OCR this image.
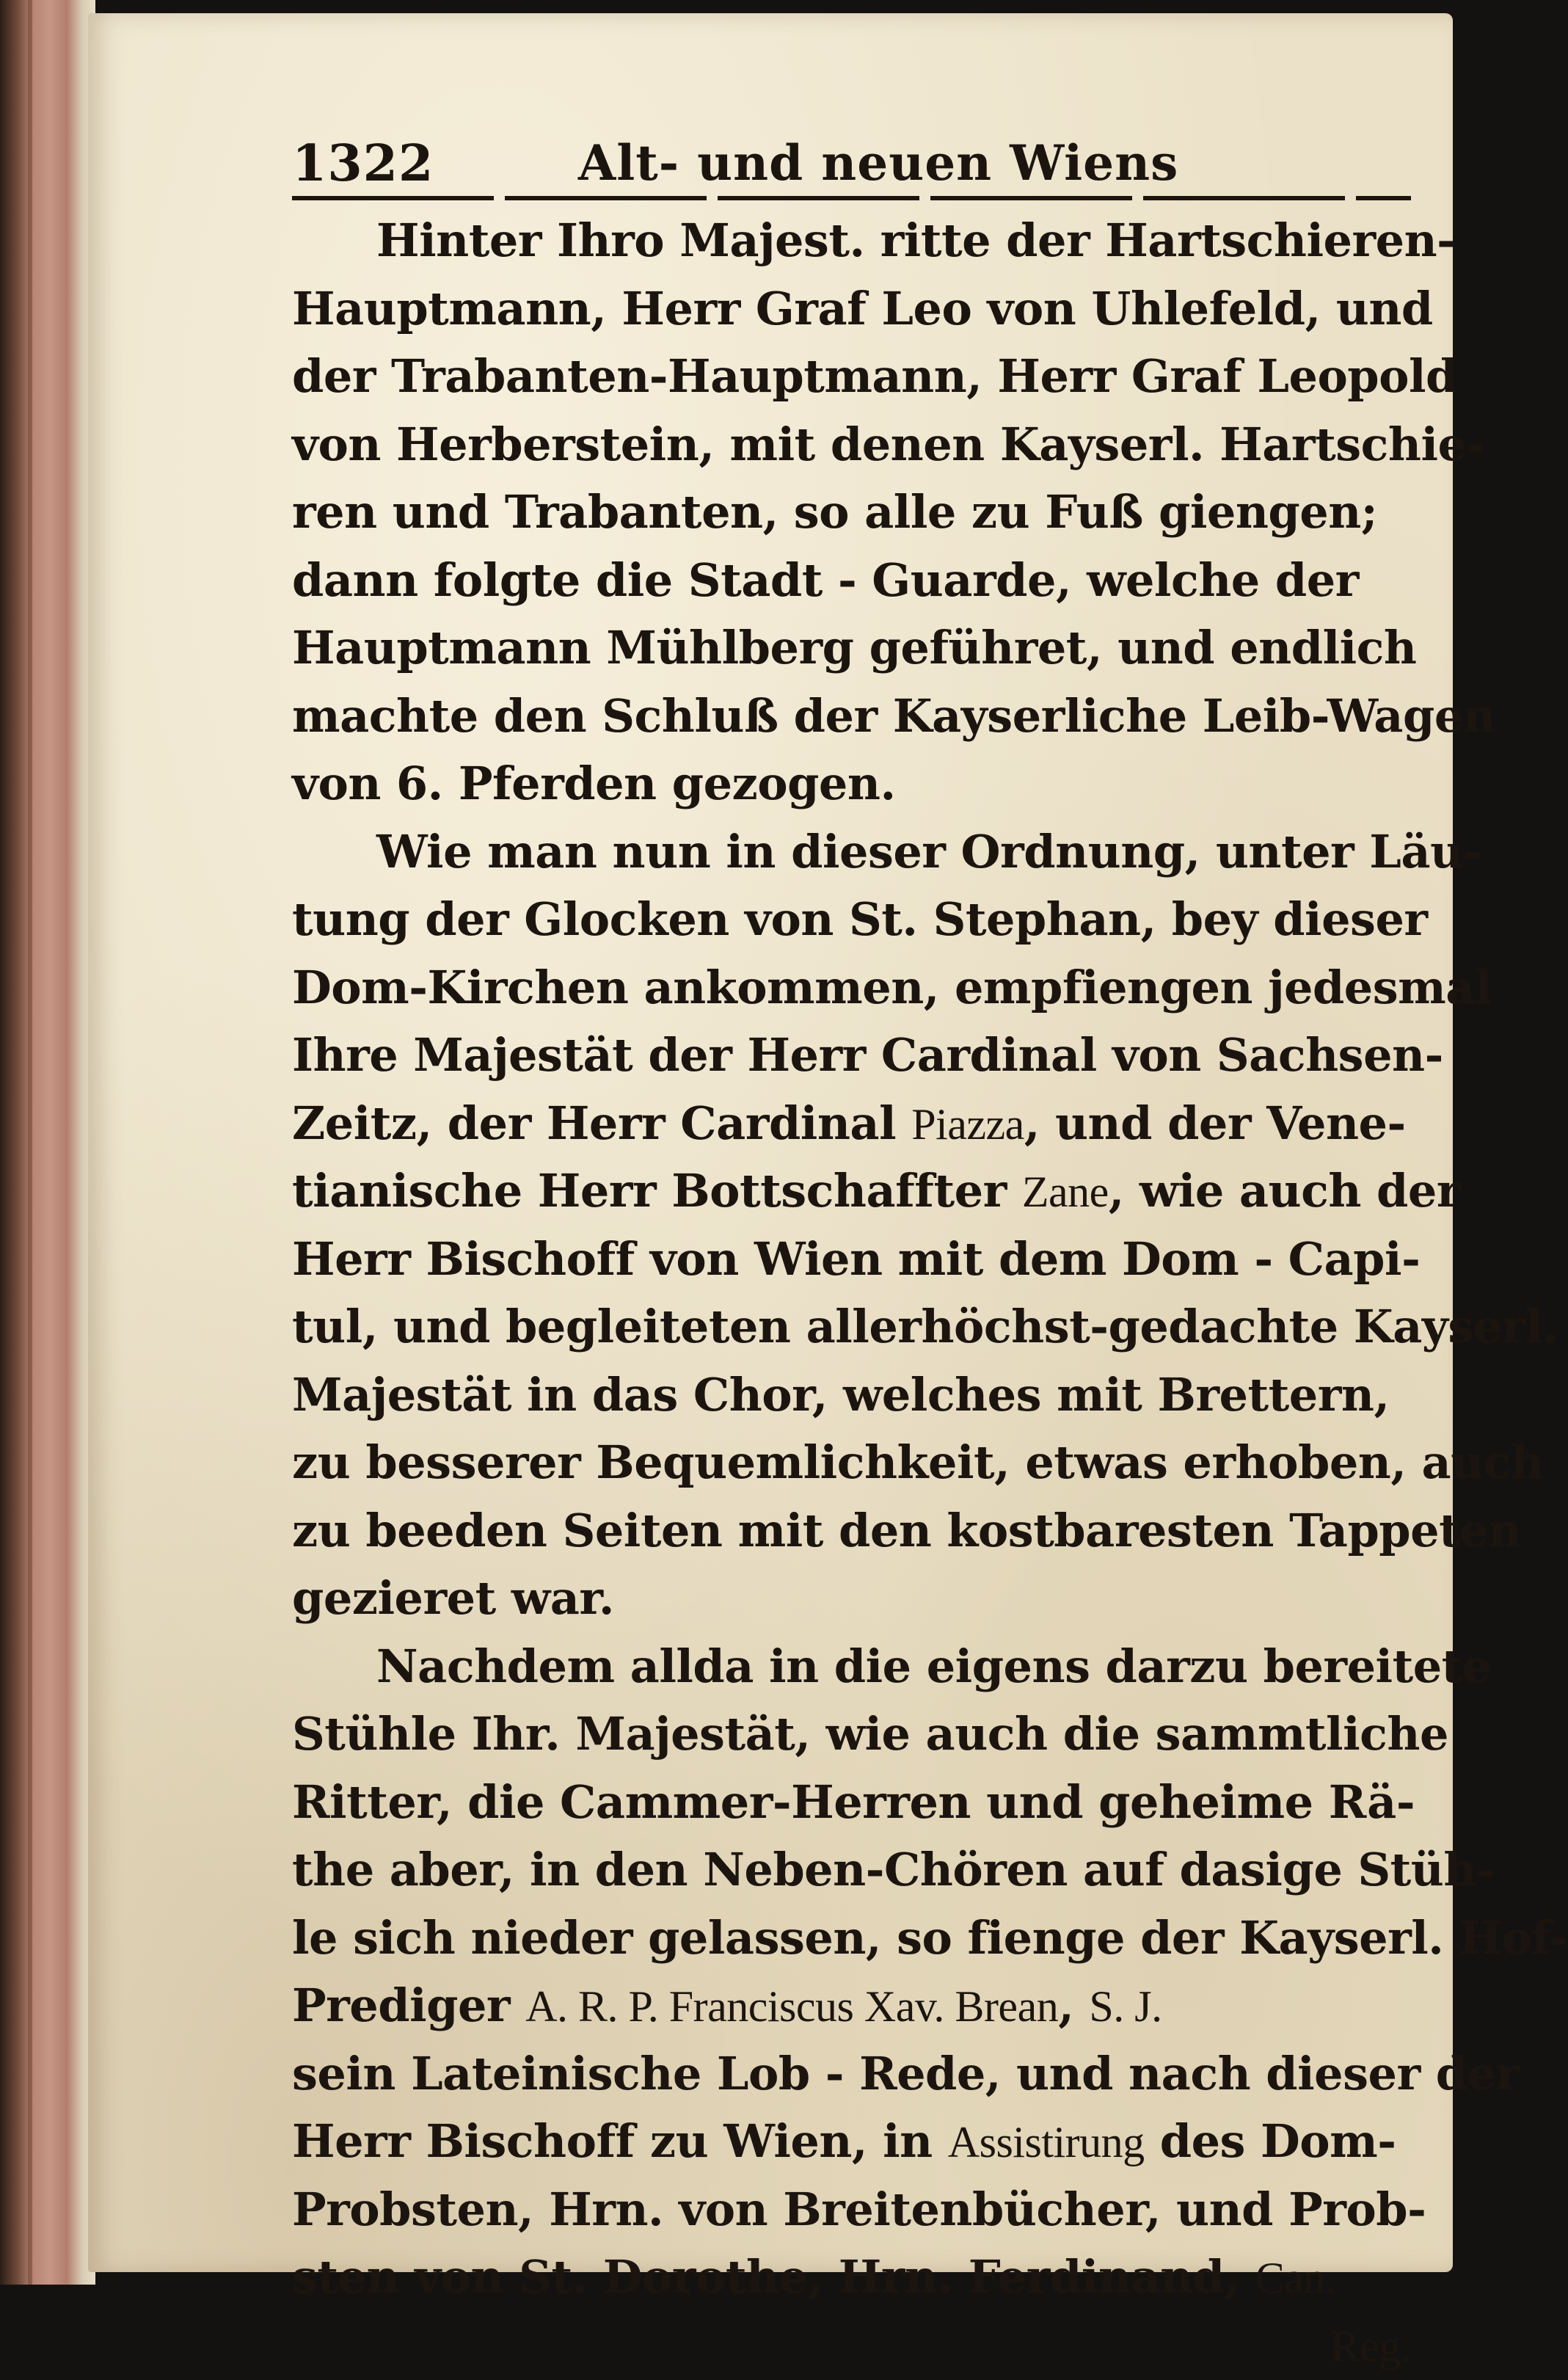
1322	Alt- und neuen Wiens
Hinter Ihro Majest. ritte der Hartschieren-
Hauptmann, Herr Graf Leo von Uhlefeld, und
der Trabanten-Hauptmann, Herr Graf Leopold
von Herberstein, mit denen Kayserl. Hartschie-
ren und Trabanten, so alle zu Fuß giengen;
dann folgte die Stadt - Guarde, welche der
Hauptmann Mühlberg geführet, und endlich
machte den Schluß der Kayserliche Leib-Wagen
von 6. Pferden gezogen.
Wie man nun in dieser Ordnung, unter Läu-
tung der Glocken von St. Stephan, bey dieser
Dom-Kirchen ankommen, empfiengen jedesmal
Ihre Majestät der Herr Cardinal von Sachsen-
Zeitz, der Herr Cardinal Piazza, und der Vene-
tianische Herr Bottschaffter Zane, wie auch der
Herr Bischoff von Wien mit dem Dom - Capi-
tul, und begleiteten allerhöchst-gedachte Kayserl.
Majestät in das Chor, welches mit Brettern,
zu besserer Bequemlichkeit, etwas erhoben, auch
zu beeden Seiten mit den kostbaresten Tappeten
gezieret war.
Nachdem allda in die eigens darzu bereitete
Stühle Ihr. Majestät, wie auch die sammtliche
Ritter, die Cammer-Herren und geheime Rä-
the aber, in den Neben-Chören auf dasige Stüh-
le sich nieder gelassen, so fienge der Kayserl. Hof-
Prediger A. R. P. Franciscus Xav. Brean, S. J.
sein Lateinische Lob - Rede, und nach dieser der
Herr Bischoff zu Wien, in Assistirung des Dom-
Probsten, Hrn. von Breitenbücher, und Prob-
sten von St. Dorothe, Hrn. Ferdinand, Can.
Reg.
